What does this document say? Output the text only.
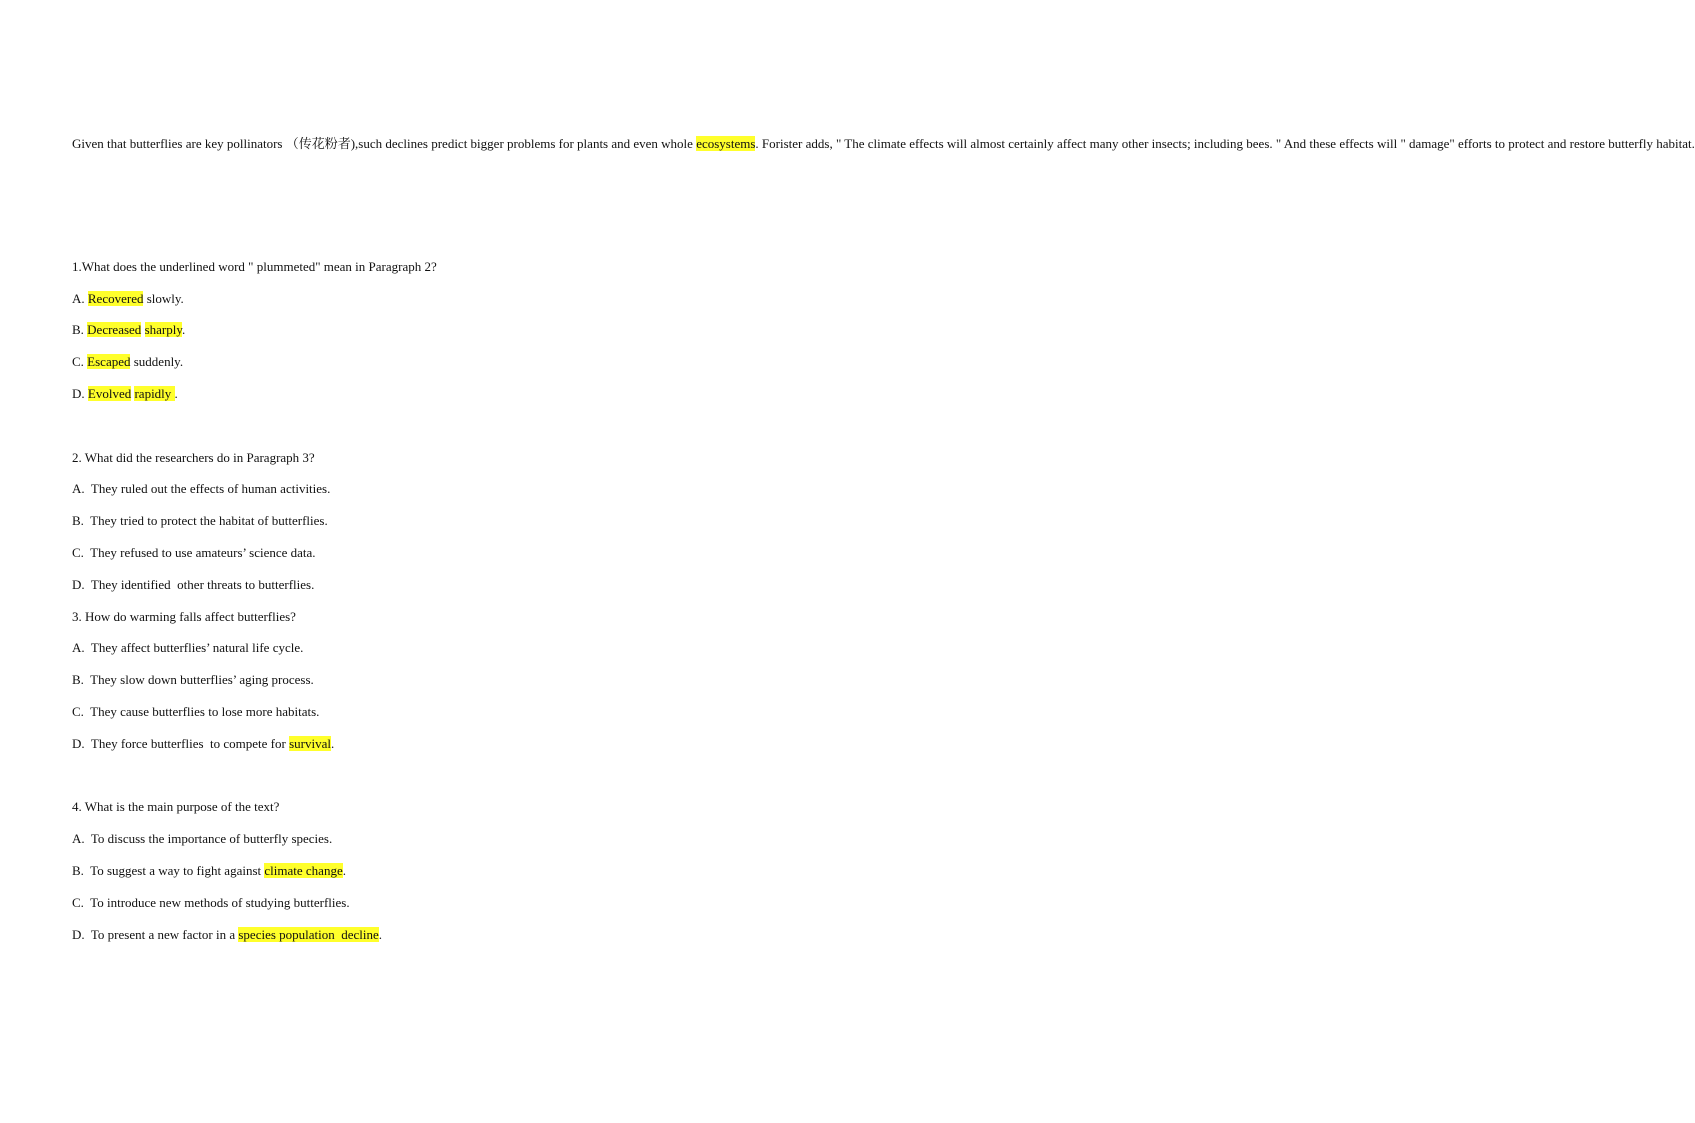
Given that butterflies are key pollinators （传花粉者),such declines predict bigger problems for plants and even whole ecosystems. Forister adds, " The climate effects will almost certainly affect many other insects; including bees. " And these effects will " damage" efforts to protect and restore butterfly habitat.
1.What does the underlined word " plummeted" mean in Paragraph 2?
A. Recovered slowly.
B. Decreased sharply.
C. Escaped suddenly.
D. Evolved rapidly .
2. What did the researchers do in Paragraph 3?
A.  They ruled out the effects of human activities.
B.  They tried to protect the habitat of butterflies.
C.  They refused to use amateurs’ science data.
D.  They identified  other threats to butterflies.
3. How do warming falls affect butterflies?
A.  They affect butterflies’ natural life cycle.
B.  They slow down butterflies’ aging process.
C.  They cause butterflies to lose more habitats.
D.  They force butterflies  to compete for survival.
4. What is the main purpose of the text?
A.  To discuss the importance of butterfly species.
B.  To suggest a way to fight against climate change.
C.  To introduce new methods of studying butterflies.
D.  To present a new factor in a species population  decline.
